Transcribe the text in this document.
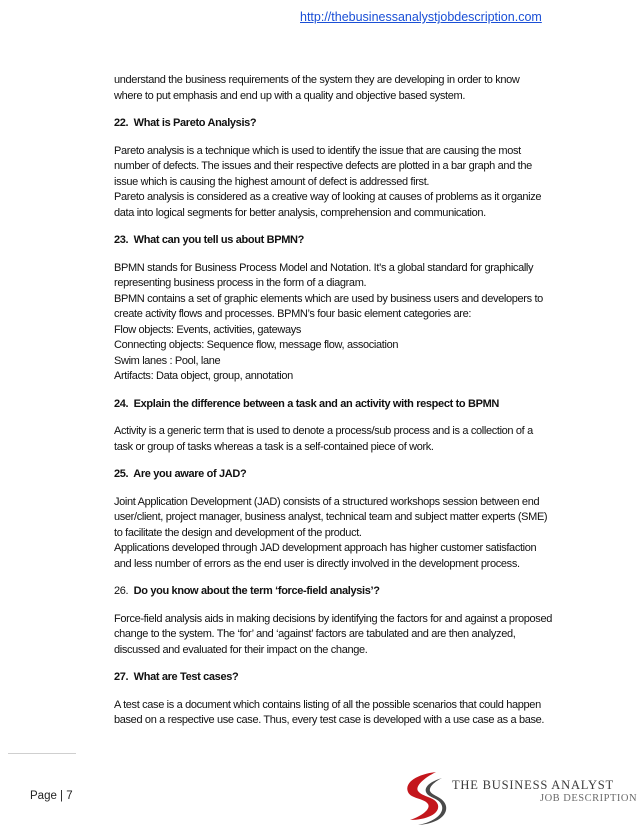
http://thebusinessanalystjobdescription.com

understand the business requirements of the system they are developing in order to know

where to put emphasis and end up with a quality and objective based system.

22. What is Pareto Analysis?

Pareto analysis is a technique which is used to identify the issue that are causing the most

number of defects. The issues and their respective defects are plotted in a bar graph and the

issue which is causing the highest amount of defect is addressed first.

Pareto analysis is considered as a creative way of looking at causes of problems as it organize

data into logical segments for better analysis, comprehension and communication.

23. What can you tell us about BPMN?

BPMN stands for Business Process Model and Notation. It’s a global standard for graphically

representing business process in the form of a diagram.

BPMN contains a set of graphic elements which are used by business users and developers to

create activity flows and processes. BPMN’s four basic element categories are:

Flow objects: Events, activities, gateways

Connecting objects: Sequence flow, message flow, association

Swim lanes : Pool, lane

Artifacts: Data object, group, annotation

24. Explain the difference between a task and an activity with respect to BPMN

Activity is a generic term that is used to denote a process/sub process and is a collection of a

task or group of tasks whereas a task is a self-contained piece of work.

25. Are you aware of JAD?

Joint Application Development (JAD) consists of a structured workshops session between end

user/client, project manager, business analyst, technical team and subject matter experts (SME)

to facilitate the design and development of the product.

Applications developed through JAD development approach has higher customer satisfaction

and less number of errors as the end user is directly involved in the development process.

26. Do you know about the term ‘force-field analysis’?

Force-field analysis aids in making decisions by identifying the factors for and against a proposed

change to the system. The ‘for’ and ‘against’ factors are tabulated and are then analyzed,

discussed and evaluated for their impact on the change.

27. What are Test cases?

A test case is a document which contains listing of all the possible scenarios that could happen

based on a respective use case. Thus, every test case is developed with a use case as a base.

Page | 7
THE BUSINESS ANALYST
JOB DESCRIPTION
